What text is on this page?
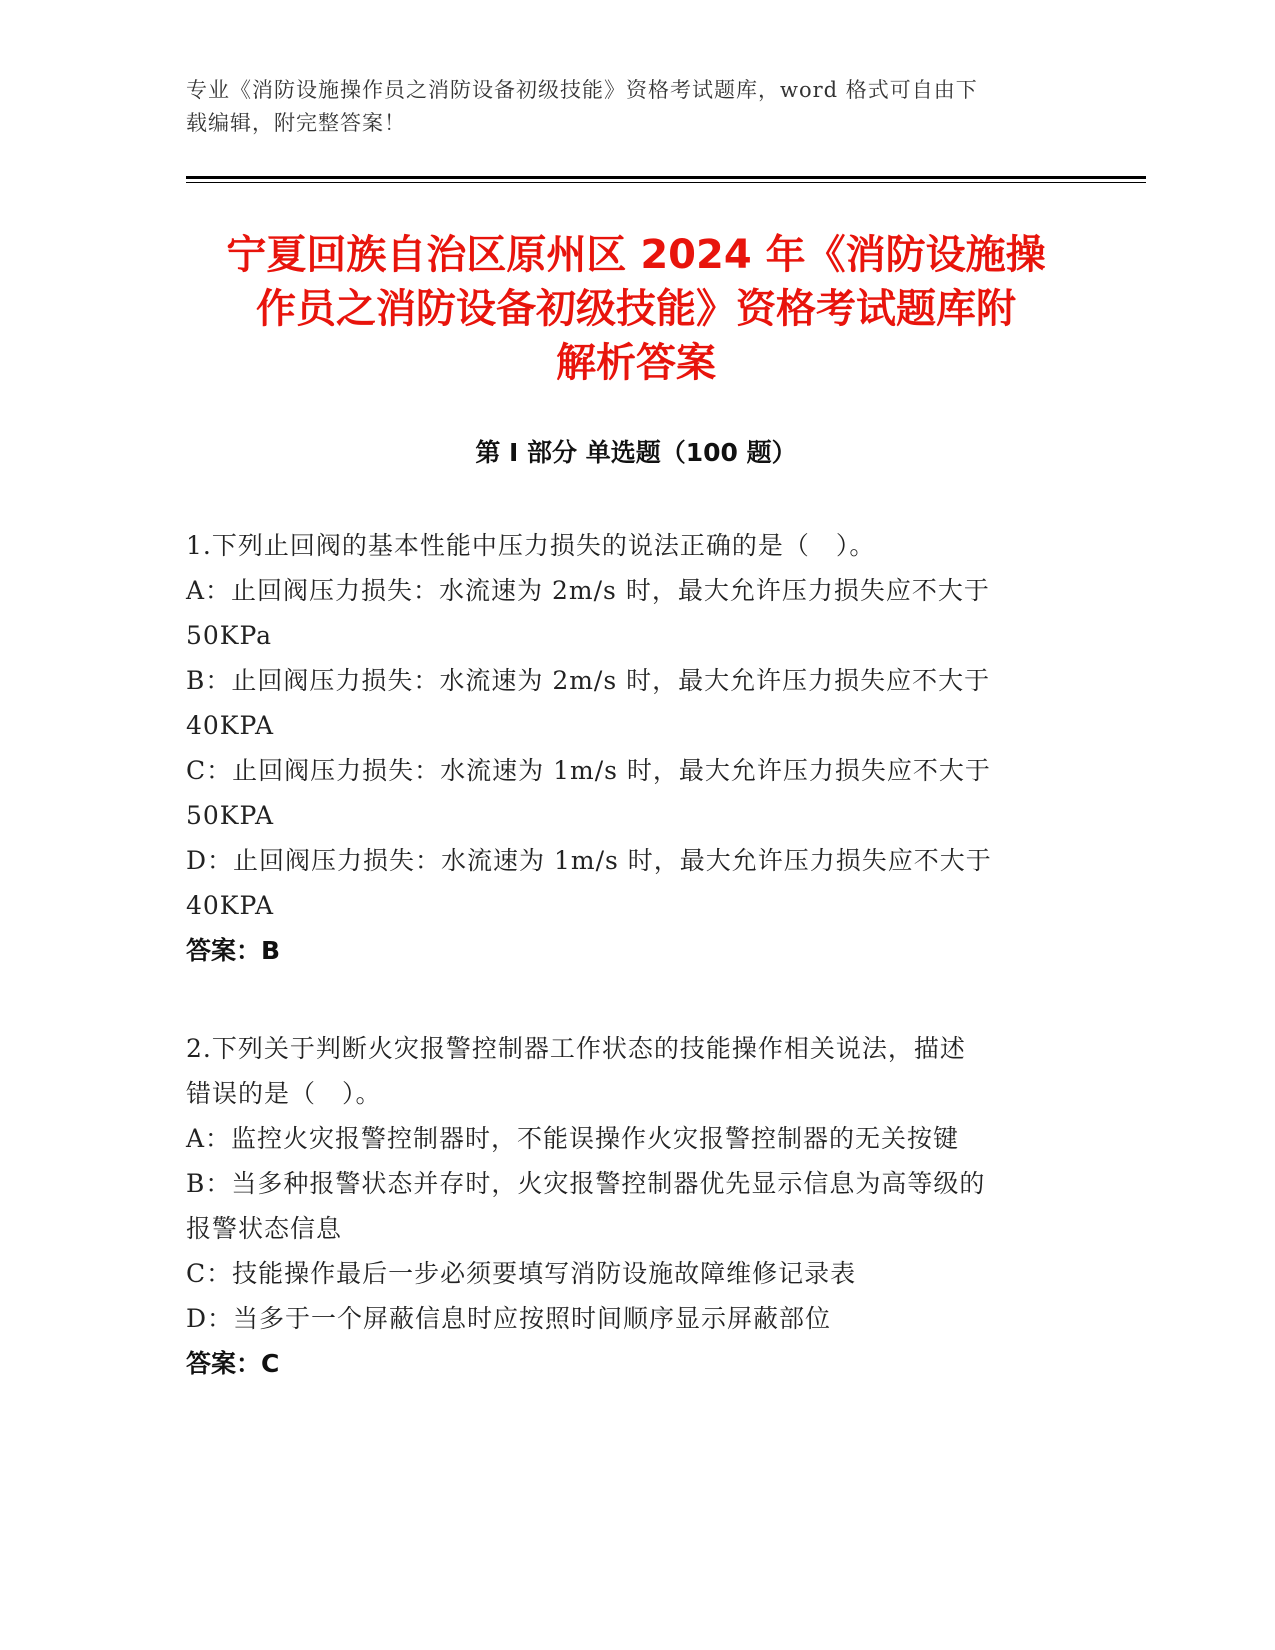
专业《消防设施操作员之消防设备初级技能》资格考试题库，word 格式可自由下
载编辑，附完整答案！
宁夏回族自治区原州区 2024 年《消防设施操
作员之消防设备初级技能》资格考试题库附
解析答案
第 I 部分 单选题（100 题）
1.下列止回阀的基本性能中压力损失的说法正确的是（　）。
A：止回阀压力损失：水流速为 2m/s 时，最大允许压力损失应不大于
50KPa
B：止回阀压力损失：水流速为 2m/s 时，最大允许压力损失应不大于
40KPA
C：止回阀压力损失：水流速为 1m/s 时，最大允许压力损失应不大于
50KPA
D：止回阀压力损失：水流速为 1m/s 时，最大允许压力损失应不大于
40KPA
答案：B
2.下列关于判断火灾报警控制器工作状态的技能操作相关说法，描述
错误的是（　）。
A：监控火灾报警控制器时，不能误操作火灾报警控制器的无关按键
B：当多种报警状态并存时，火灾报警控制器优先显示信息为高等级的
报警状态信息
C：技能操作最后一步必须要填写消防设施故障维修记录表
D：当多于一个屏蔽信息时应按照时间顺序显示屏蔽部位
答案：C
